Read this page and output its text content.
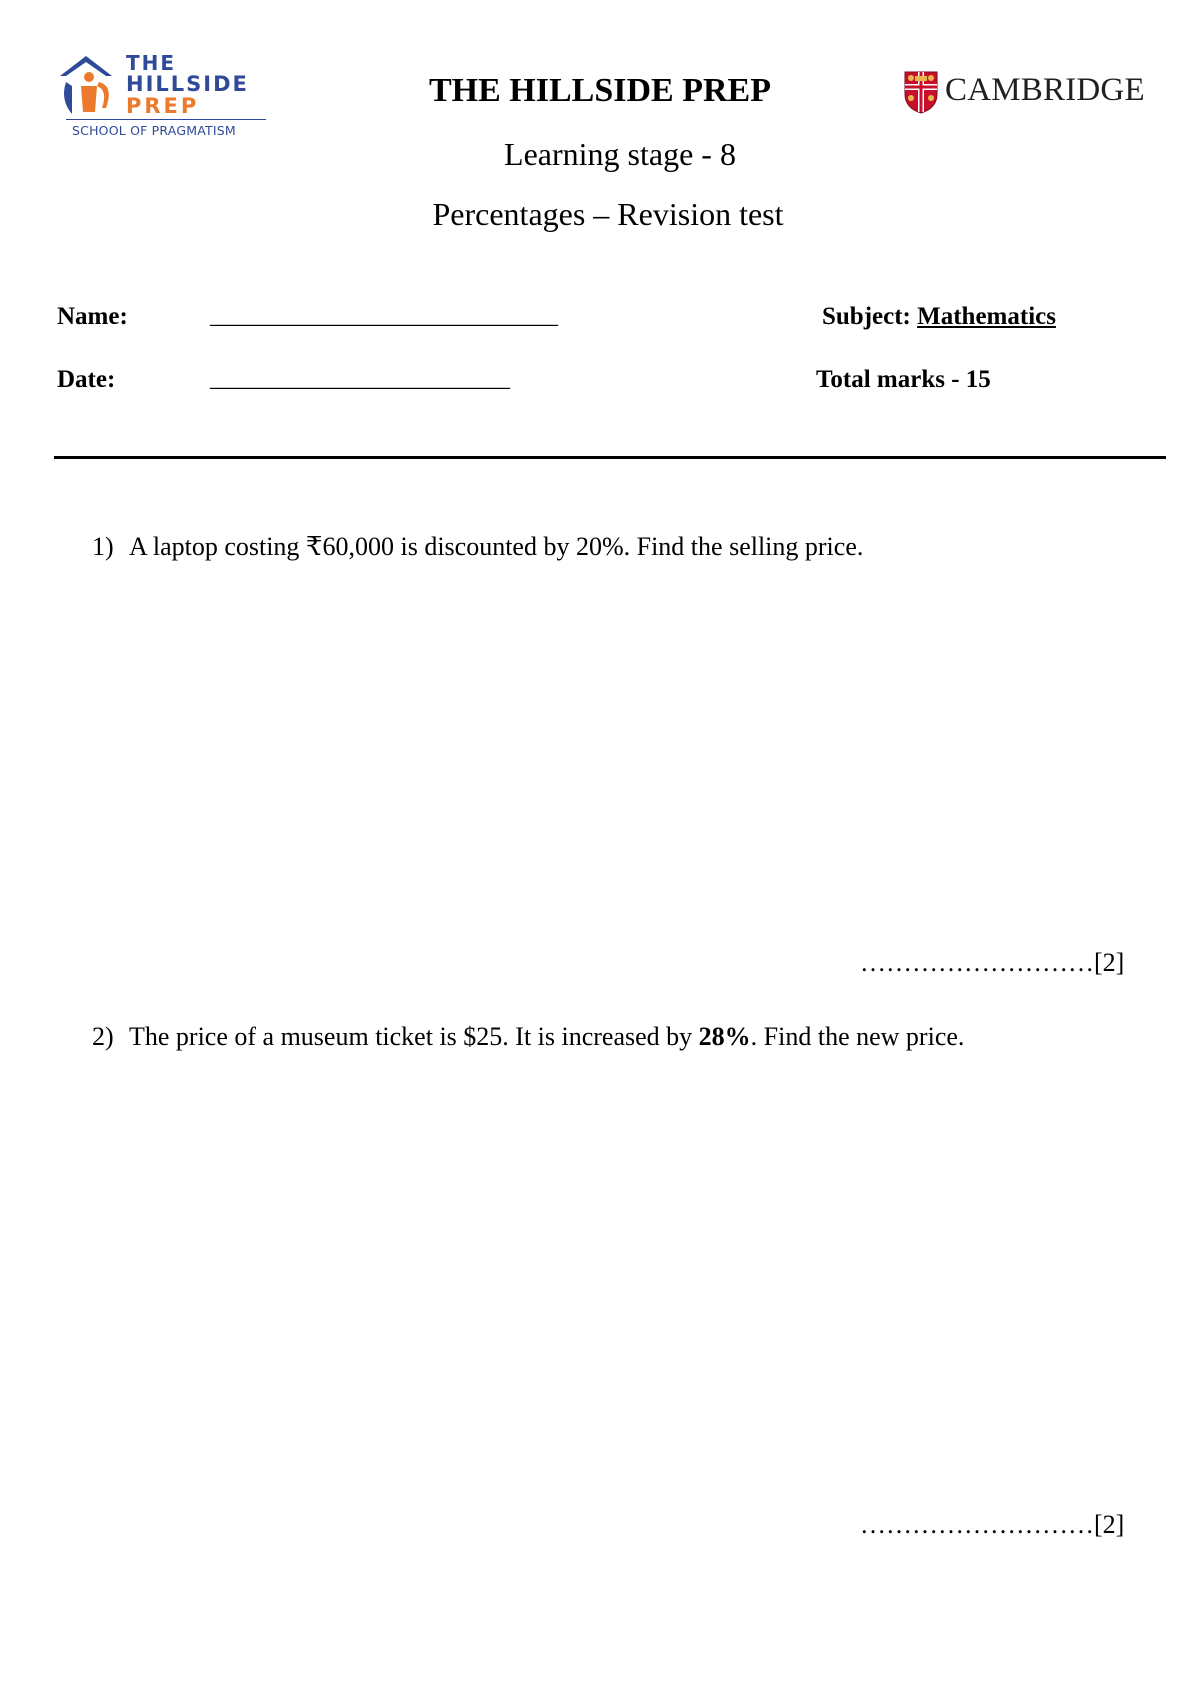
THE
HILLSIDE
PREP
SCHOOL OF PRAGMATISM
CAMBRIDGE
THE HILLSIDE PREP
Learning stage - 8
Percentages – Revision test
Name:	_____________________________
Date:	_________________________
Subject: Mathematics
Total marks - 15
1) A laptop costing ₹60,000 is discounted by 20%. Find the selling price.
………………………[2]
2) The price of a museum ticket is $25. It is increased by 28%. Find the new price.
………………………[2]
